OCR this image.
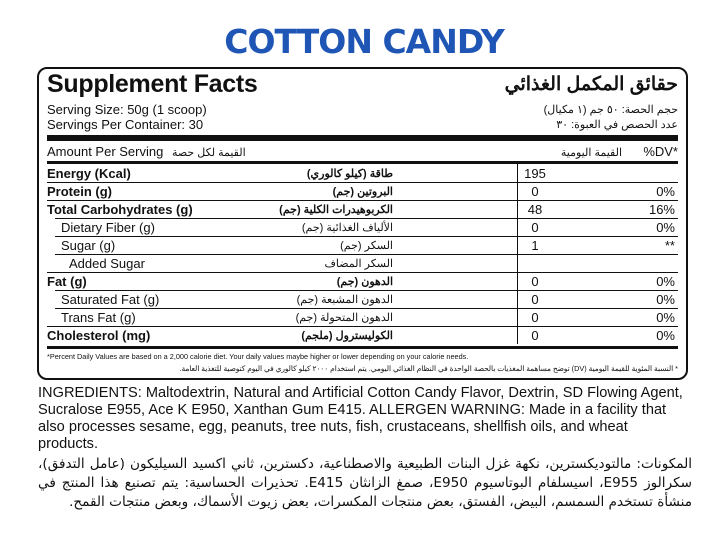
COTTON CANDY
Supplement Facts	حقائق المكمل الغذائي
Serving Size: 50g (1 scoop)	حجم الحصة: ٥٠ جم (١ مكيال)
Servings Per Container: 30	عدد الحصص في العبوة: ٣٠
Amount Per Serving القيمة لكل حصة	%DV*
القيمة اليومية
Energy (Kcal)	طاقة (كيلو كالوري)	195
Protein (g)	البروتين (جم)	0	0%
Total Carbohydrates (g)	الكربوهيدرات الكلية (جم)	48	16%
Dietary Fiber (g)	الألياف الغذائية (جم)	0	0%
Sugar (g)	السكر (جم)	1	**
Added Sugar	السكر المضاف
Fat (g)	الدهون (جم)	0	0%
Saturated Fat (g)	الدهون المشبعة (جم)	0	0%
Trans Fat (g)	الدهون المتحولة (جم)	0	0%
Cholesterol (mg)	الكوليسترول (ملجم)	0	0%
*Percent Daily Values are based on a 2,000 calorie diet. Your daily values maybe higher or lower depending on your calorie needs.
* النسبة المئوية للقيمة اليومية (DV) توضح مساهمة المغذيات بالحصة الواحدة في النظام الغذائي اليومي. يتم استخدام ٢٠٠٠ كيلو كالوري في اليوم كتوصية للتغذية العامة.
INGREDIENTS: Maltodextrin, Natural and Artificial Cotton Candy Flavor, Dextrin, SD Flowing Agent, Sucralose E955, Ace K E950, Xanthan Gum E415. ALLERGEN WARNING: Made in a facility that also processes sesame, egg, peanuts, tree nuts, fish, crustaceans, shellfish oils, and wheat products.
المكونات: مالتوديكسترين، نكهة غزل البنات الطبيعية والاصطناعية، دكسترين، ثاني اكسيد السيليكون (عامل التدفق)، سكرالوز E955، اسيسلفام البوتاسيوم E950، صمغ الزانثان E415. تحذيرات الحساسية: يتم تصنيع هذا المنتج في منشأة تستخدم السمسم، البيض، الفستق، بعض منتجات المكسرات، بعض زيوت الأسماك، وبعض منتجات القمح.
